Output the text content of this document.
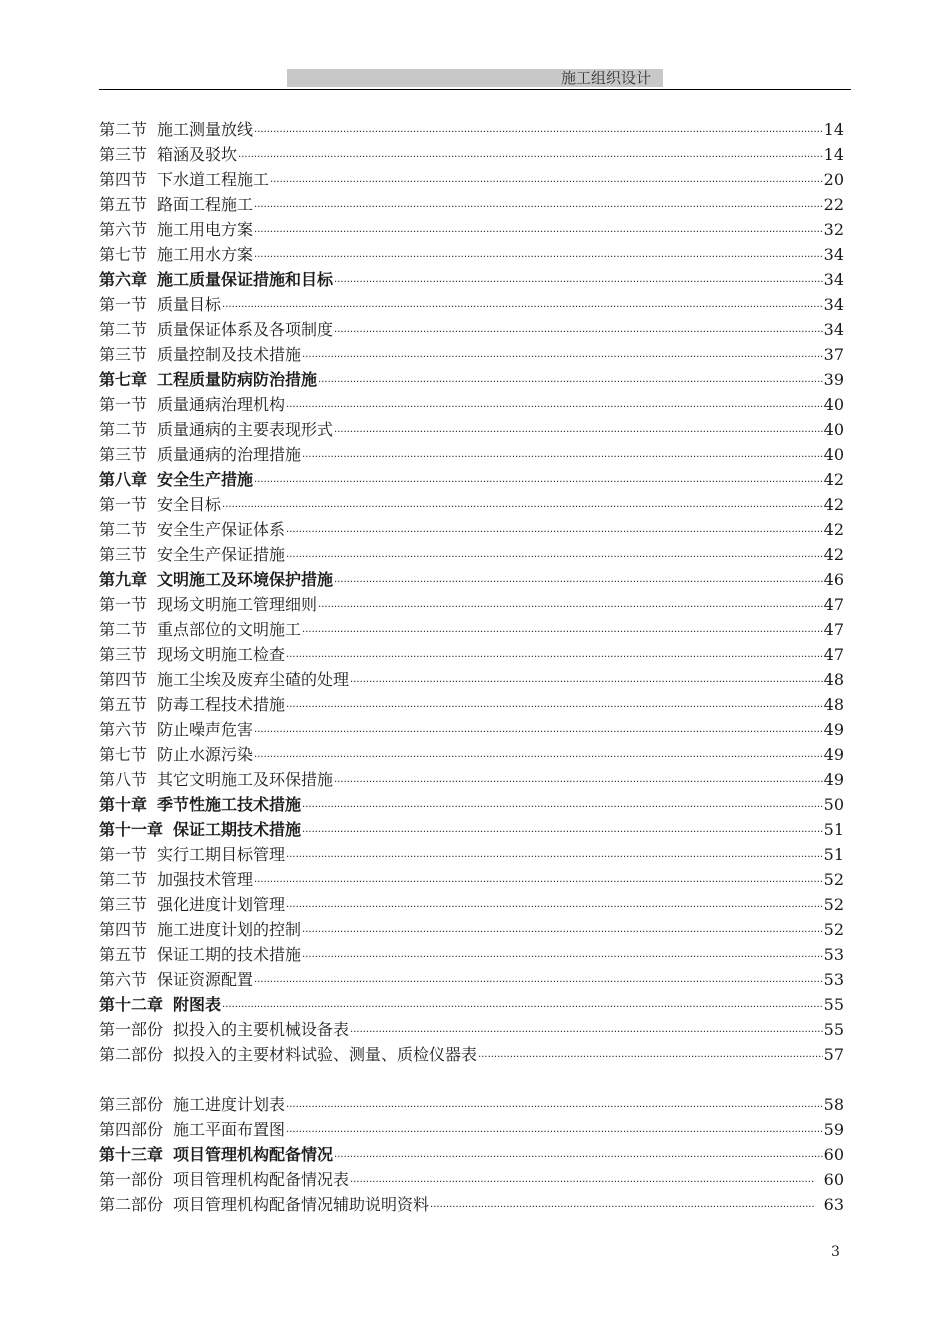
施工组织设计
第二节 施工测量放线 ·····	14
第三节 箱涵及驳坎 ·····	14
第四节 下水道工程施工 ·····	20
第五节 路面工程施工 ·····	22
第六节 施工用电方案 ·····	32
第七节 施工用水方案 ·····	34
第六章 施工质量保证措施和目标 ·····	34
第一节 质量目标 ·····	34
第二节 质量保证体系及各项制度 ·····	34
第三节 质量控制及技术措施 ·····	37
第七章 工程质量防病防治措施 ·····	39
第一节 质量通病治理机构 ·····	40
第二节 质量通病的主要表现形式 ·····	40
第三节 质量通病的治理措施 ·····	40
第八章 安全生产措施 ·····	42
第一节 安全目标 ·····	42
第二节 安全生产保证体系 ·····	42
第三节 安全生产保证措施 ·····	42
第九章 文明施工及环境保护措施 ·····	46
第一节 现场文明施工管理细则 ·····	47
第二节 重点部位的文明施工 ·····	47
第三节 现场文明施工检查 ·····	47
第四节 施工尘埃及废弃尘碴的处理 ·····	48
第五节 防毒工程技术措施 ·····	48
第六节 防止噪声危害 ·····	49
第七节 防止水源污染 ·····	49
第八节 其它文明施工及环保措施 ·····	49
第十章 季节性施工技术措施 ·····	50
第十一章 保证工期技术措施 ·····	51
第一节 实行工期目标管理 ·····	51
第二节 加强技术管理 ·····	52
第三节 强化进度计划管理 ·····	52
第四节 施工进度计划的控制 ·····	52
第五节 保证工期的技术措施 ·····	53
第六节 保证资源配置 ·····	53
第十二章 附图表 ·····	55
第一部份 拟投入的主要机械设备表 ·····	55
第二部份 拟投入的主要材料试验、测量、质检仪器表 ·····	57
第三部份 施工进度计划表 ·····	58
第四部份 施工平面布置图 ·····	59
第十三章 项目管理机构配备情况 ·····	60
第一部份 项目管理机构配备情况表 ·····	60
第二部份 项目管理机构配备情况辅助说明资料 ·····	63
3
